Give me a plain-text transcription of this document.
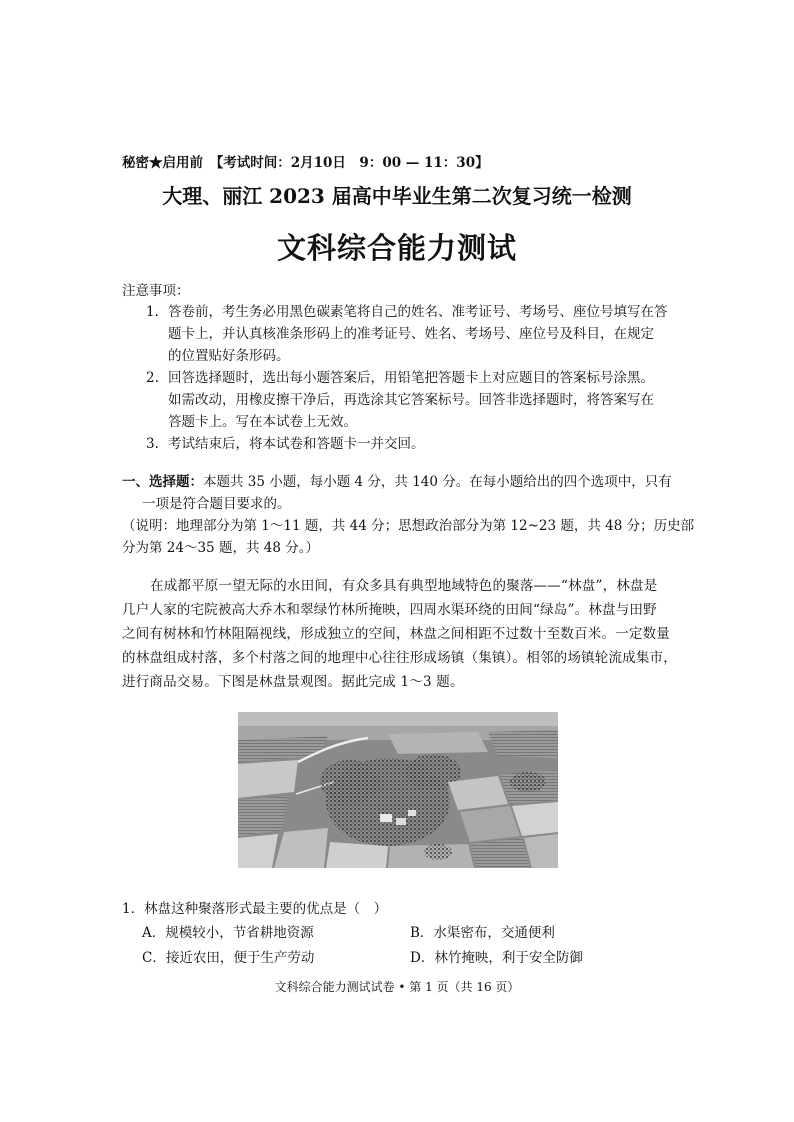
秘密★启用前　【考试时间：2月10日　9：00 — 11：30】

大理、丽江 2023 届高中毕业生第二次复习统一检测
文科综合能力测试

注意事项：

1. 答卷前，考生务必用黑色碳素笔将自己的姓名、准考证号、考场号、座位号填写在答

题卡上，并认真核准条形码上的准考证号、姓名、考场号、座位号及科目，在规定

的位置贴好条形码。

2. 回答选择题时，选出每小题答案后，用铅笔把答题卡上对应题目的答案标号涂黑。

如需改动，用橡皮擦干净后，再选涂其它答案标号。回答非选择题时，将答案写在

答题卡上。写在本试卷上无效。

3. 考试结束后，将本试卷和答题卡一并交回。

一、选择题：本题共 35 小题，每小题 4 分，共 140 分。在每小题给出的四个选项中，只有

一项是符合题目要求的。

（说明：地理部分为第 1～11 题，共 44 分；思想政治部分为第 12~23 题，共 48 分；历史部

分为第 24～35 题，共 48 分。）

在成都平原一望无际的水田间，有众多具有典型地域特色的聚落——“林盘”，林盘是

几户人家的宅院被高大乔木和翠绿竹林所掩映，四周水渠环绕的田间“绿岛”。林盘与田野

之间有树林和竹林阻隔视线，形成独立的空间，林盘之间相距不过数十至数百米。一定数量

的林盘组成村落，多个村落之间的地理中心往往形成场镇（集镇）。相邻的场镇轮流成集市，

进行商品交易。下图是林盘景观图。据此完成 1～3 题。

1．林盘这种聚落形式最主要的优点是（　）

A．规模较小，节省耕地资源	B．水渠密布，交通便利

C．接近农田，便于生产劳动	D．林竹掩映，利于安全防御

文科综合能力测试试卷 • 第 1 页（共 16 页）
